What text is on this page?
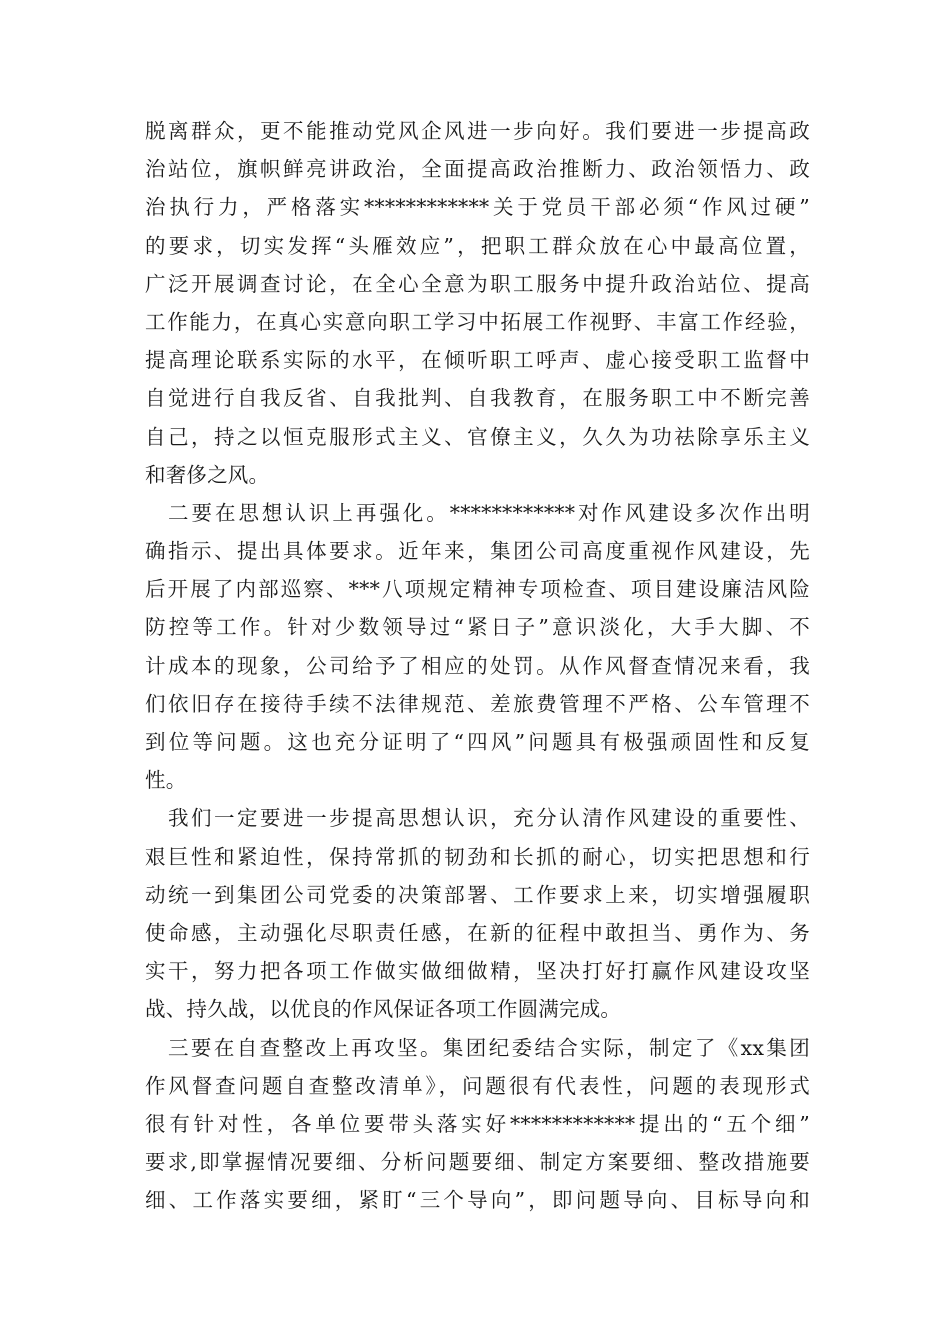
脱离群众，更不能推动党风企风进一步向好。我们要进一步提高政
治站位，旗帜鲜亮讲政治，全面提高政治推断力、政治领悟力、政
治执行力，严格落实************关于党员干部必须“作风过硬”
的要求，切实发挥“头雁效应”，把职工群众放在心中最高位置，
广泛开展调查讨论，在全心全意为职工服务中提升政治站位、提高
工作能力，在真心实意向职工学习中拓展工作视野、丰富工作经验，
提高理论联系实际的水平，在倾听职工呼声、虚心接受职工监督中
自觉进行自我反省、自我批判、自我教育，在服务职工中不断完善
自己，持之以恒克服形式主义、官僚主义，久久为功祛除享乐主义
和奢侈之风。
二要在思想认识上再强化。************对作风建设多次作出明
确指示、提出具体要求。近年来，集团公司高度重视作风建设，先
后开展了内部巡察、***八项规定精神专项检查、项目建设廉洁风险
防控等工作。针对少数领导过“紧日子”意识淡化，大手大脚、不
计成本的现象，公司给予了相应的处罚。从作风督查情况来看，我
们依旧存在接待手续不法律规范、差旅费管理不严格、公车管理不
到位等问题。这也充分证明了“四风”问题具有极强顽固性和反复
性。
我们一定要进一步提高思想认识，充分认清作风建设的重要性、
艰巨性和紧迫性，保持常抓的韧劲和长抓的耐心，切实把思想和行
动统一到集团公司党委的决策部署、工作要求上来，切实增强履职
使命感，主动强化尽职责任感，在新的征程中敢担当、勇作为、务
实干，努力把各项工作做实做细做精，坚决打好打赢作风建设攻坚
战、持久战，以优良的作风保证各项工作圆满完成。
三要在自查整改上再攻坚。集团纪委结合实际，制定了《xx集团
作风督查问题自查整改清单》，问题很有代表性，问题的表现形式
很有针对性，各单位要带头落实好************提出的“五个细”
要求,即掌握情况要细、分析问题要细、制定方案要细、整改措施要
细、工作落实要细，紧盯“三个导向”，即问题导向、目标导向和
